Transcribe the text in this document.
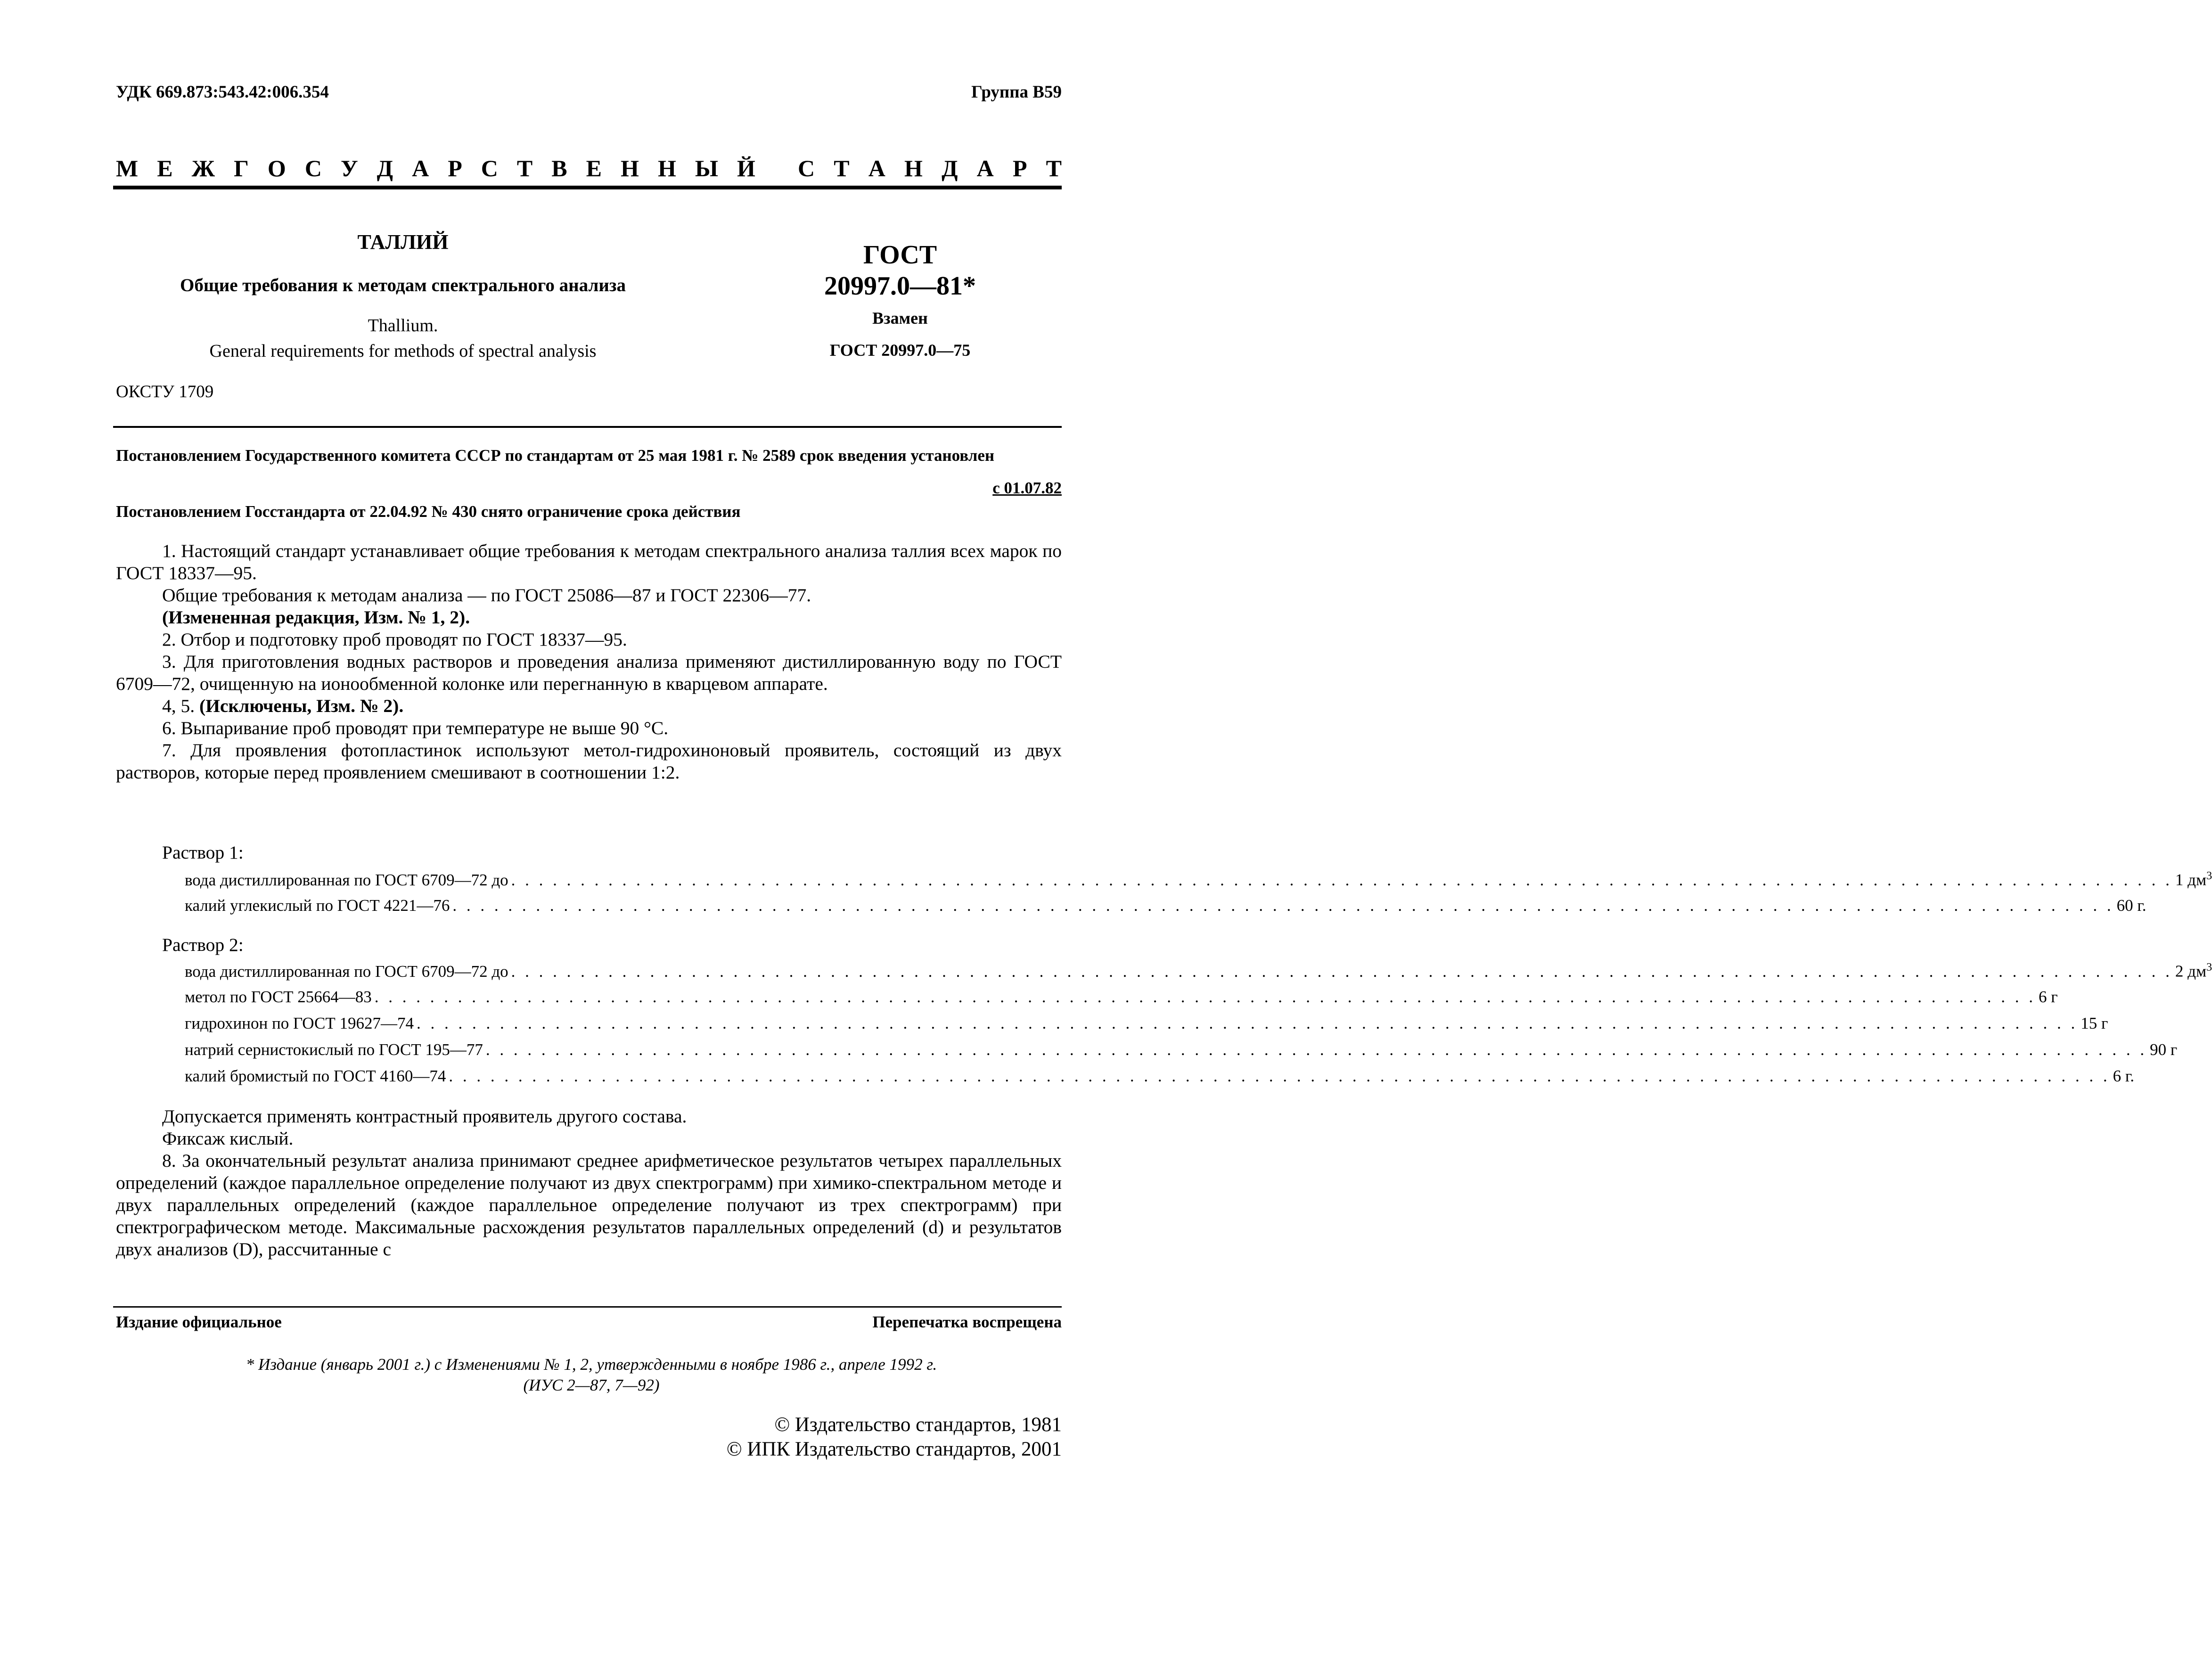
УДК 669.873:543.42:006.354	Группа B59
М Е Ж Г О С У Д А Р С Т В Е Н Н Ы Й С Т А Н Д А Р Т
ТАЛЛИЙ
Общие требования к методам спектрального анализа
Thallium.
General requirements for methods of spectral analysis
ГОСТ
20997.0—81*
Взамен
ГОСТ 20997.0—75
ОКСТУ 1709
Постановлением Государственного комитета СССР по стандартам от 25 мая 1981 г. № 2589 срок введения установлен
с 01.07.82
Постановлением Госстандарта от 22.04.92 № 430 снято ограничение срока действия

1. Настоящий стандарт устанавливает общие требования к методам спектрального анализа таллия всех марок по ГОСТ 18337—95.

Общие требования к методам анализа — по ГОСТ 25086—87 и ГОСТ 22306—77.

(Измененная редакция, Изм. № 1, 2).

2. Отбор и подготовку проб проводят по ГОСТ 18337—95.

3. Для приготовления водных растворов и проведения анализа применяют дистиллированную воду по ГОСТ 6709—72, очищенную на ионообменной колонке или перегнанную в кварцевом аппарате.

4, 5. (Исключены, Изм. № 2).

6. Выпаривание проб проводят при температуре не выше 90 °С.

7. Для проявления фотопластинок используют метол-гидрохиноновый проявитель, состоящий из двух растворов, которые перед проявлением смешивают в соотношении 1:2.

Раствор 1:
вода дистиллированная по ГОСТ 6709—72 до . . . . . . . . . . . . . . . . . . . . . . . . . . . . . . . . . . . . . . . . . . . . . . . . . . . . . . . . . . . . . . . . . . . . . . . . . . . . . . . . . . . . . . . . . . . . . . . . . . . . . . . . . . . . . . . . . . . . . . . . 1 $дм^3$
калий углекислый по ГОСТ 4221—76 . . . . . . . . . . . . . . . . . . . . . . . . . . . . . . . . . . . . . . . . . . . . . . . . . . . . . . . . . . . . . . . . . . . . . . . . . . . . . . . . . . . . . . . . . . . . . . . . . . . . . . . . . . . . . . . . . . . . . . . . 60 г.
Раствор 2:
вода дистиллированная по ГОСТ 6709—72 до . . . . . . . . . . . . . . . . . . . . . . . . . . . . . . . . . . . . . . . . . . . . . . . . . . . . . . . . . . . . . . . . . . . . . . . . . . . . . . . . . . . . . . . . . . . . . . . . . . . . . . . . . . . . . . . . . . . . . . . . 2 $дм^3$
метол по ГОСТ 25664—83 . . . . . . . . . . . . . . . . . . . . . . . . . . . . . . . . . . . . . . . . . . . . . . . . . . . . . . . . . . . . . . . . . . . . . . . . . . . . . . . . . . . . . . . . . . . . . . . . . . . . . . . . . . . . . . . . . . . . . . . . 6 г
гидрохинон по ГОСТ 19627—74 . . . . . . . . . . . . . . . . . . . . . . . . . . . . . . . . . . . . . . . . . . . . . . . . . . . . . . . . . . . . . . . . . . . . . . . . . . . . . . . . . . . . . . . . . . . . . . . . . . . . . . . . . . . . . . . . . . . . . . . . 15 г
натрий сернистокислый по ГОСТ 195—77 . . . . . . . . . . . . . . . . . . . . . . . . . . . . . . . . . . . . . . . . . . . . . . . . . . . . . . . . . . . . . . . . . . . . . . . . . . . . . . . . . . . . . . . . . . . . . . . . . . . . . . . . . . . . . . . . . . . . . . . . 90 г
калий бромистый по ГОСТ 4160—74 . . . . . . . . . . . . . . . . . . . . . . . . . . . . . . . . . . . . . . . . . . . . . . . . . . . . . . . . . . . . . . . . . . . . . . . . . . . . . . . . . . . . . . . . . . . . . . . . . . . . . . . . . . . . . . . . . . . . . . . . 6 г.

Допускается применять контрастный проявитель другого состава.

Фиксаж кислый.

8. За окончательный результат анализа принимают среднее арифметическое результатов четырех параллельных определений (каждое параллельное определение получают из двух спектрограмм) при химико-спектральном методе и двух параллельных определений (каждое параллельное определение получают из трех спектрограмм) при спектрографическом методе. Максимальные расхождения результатов параллельных определений (d) и результатов двух анализов (D), рассчитанные с

Издание официальное	Перепечатка воспрещена
* Издание (январь 2001 г.) с Изменениями № 1, 2, утвержденными в ноябре 1986 г., апреле 1992 г.
(ИУС 2—87, 7—92)
© Издательство стандартов, 1981
© ИПК Издательство стандартов, 2001
